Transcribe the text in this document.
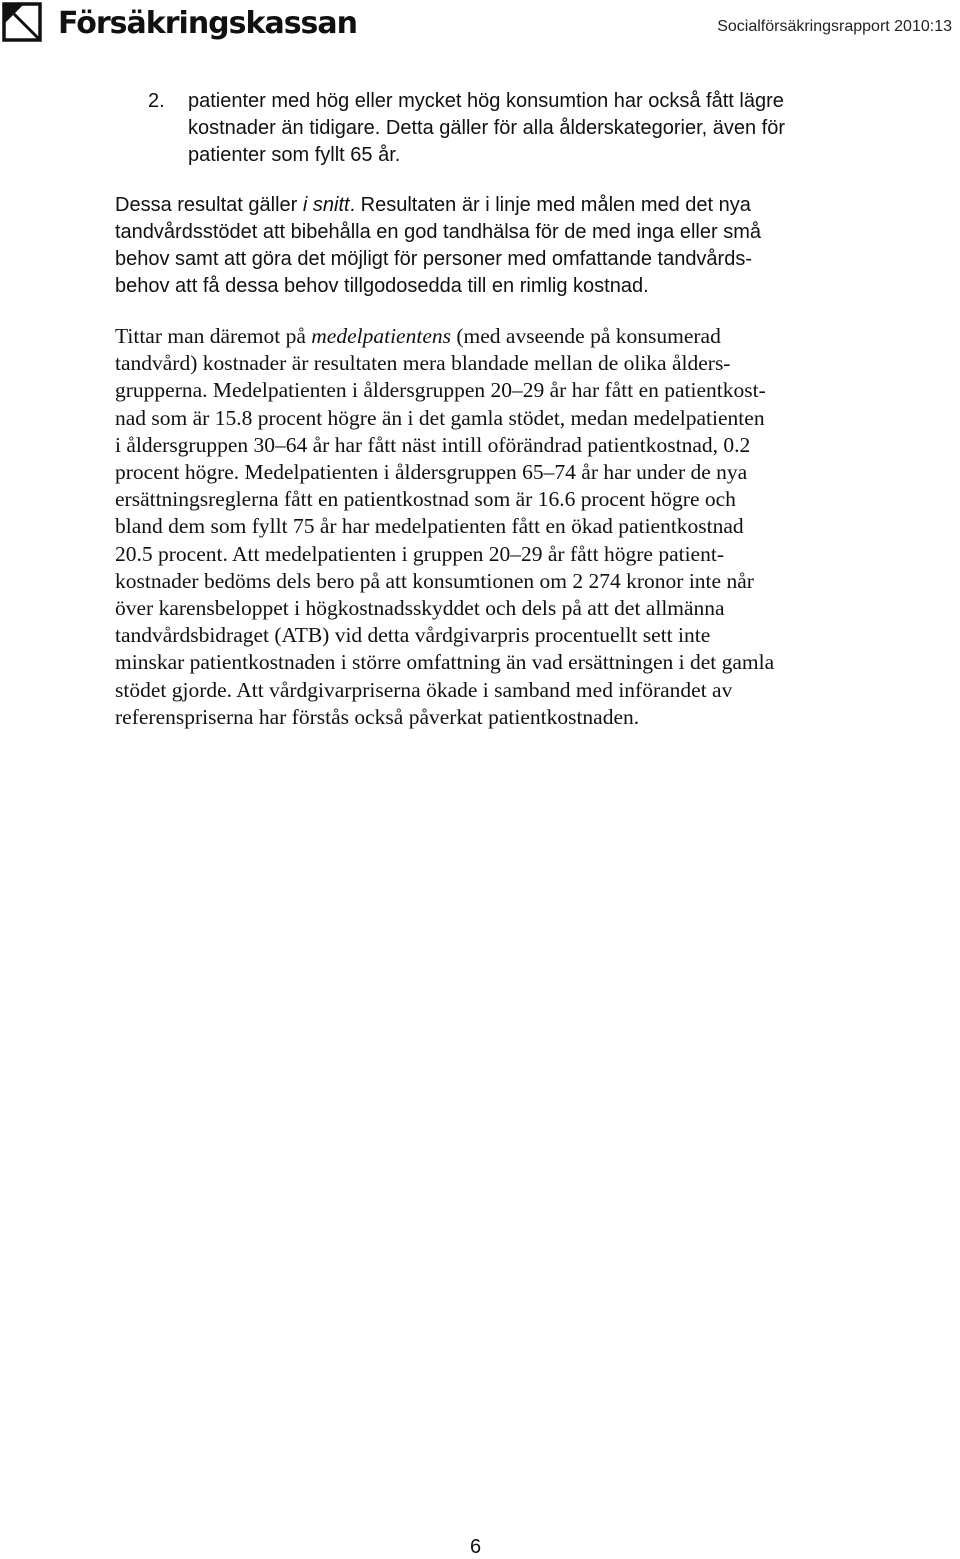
Försäkringskassan	Socialförsäkringsrapport 2010:13
2. patienter med hög eller mycket hög konsumtion har också fått lägre
kostnader än tidigare. Detta gäller för alla ålderskategorier, även för
patienter som fyllt 65 år.
Dessa resultat gäller i snitt. Resultaten är i linje med målen med det nya
tandvårdsstödet att bibehålla en god tandhälsa för de med inga eller små
behov samt att göra det möjligt för personer med omfattande tandvårds-
behov att få dessa behov tillgodosedda till en rimlig kostnad.
Tittar man däremot på medelpatientens (med avseende på konsumerad
tandvård) kostnader är resultaten mera blandade mellan de olika ålders-
grupperna. Medelpatienten i åldersgruppen 20–29 år har fått en patientkost-
nad som är 15.8 procent högre än i det gamla stödet, medan medelpatienten
i åldersgruppen 30–64 år har fått näst intill oförändrad patientkostnad, 0.2
procent högre. Medelpatienten i åldersgruppen 65–74 år har under de nya
ersättningsreglerna fått en patientkostnad som är 16.6 procent högre och
bland dem som fyllt 75 år har medelpatienten fått en ökad patientkostnad
20.5 procent. Att medelpatienten i gruppen 20–29 år fått högre patient-
kostnader bedöms dels bero på att konsumtionen om 2 274 kronor inte når
över karensbeloppet i högkostnadsskyddet och dels på att det allmänna
tandvårdsbidraget (ATB) vid detta vårdgivarpris procentuellt sett inte
minskar patientkostnaden i större omfattning än vad ersättningen i det gamla
stödet gjorde. Att vårdgivarpriserna ökade i samband med införandet av
referenspriserna har förstås också påverkat patientkostnaden.
6
